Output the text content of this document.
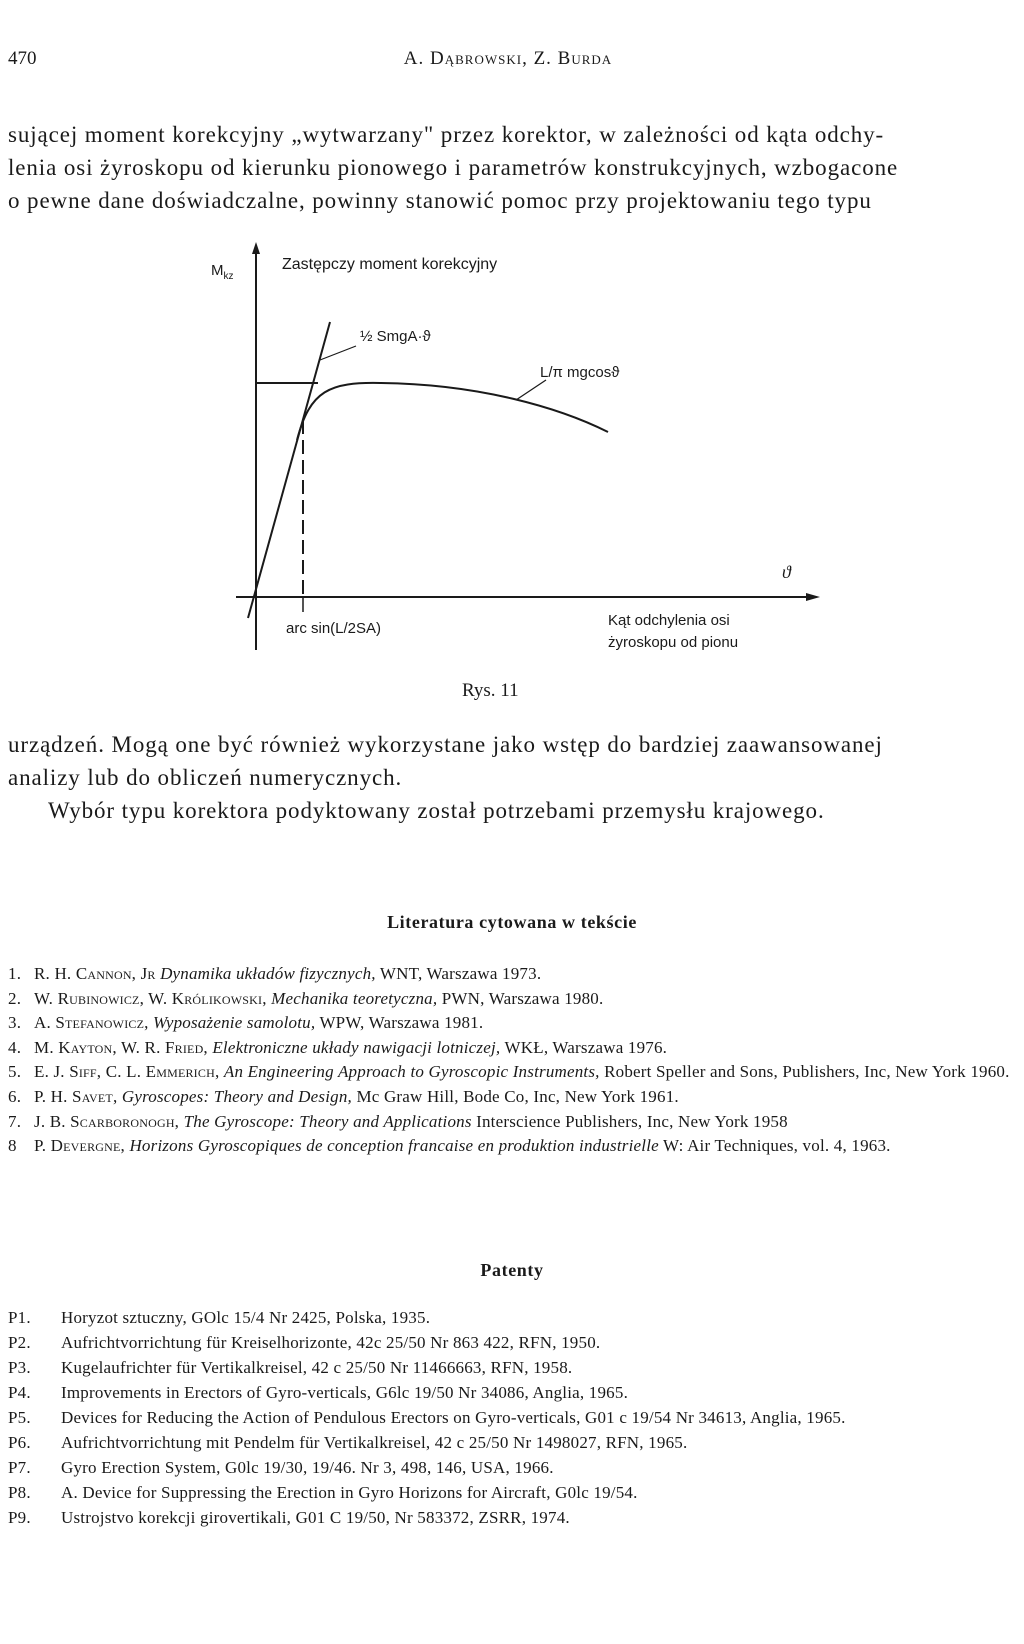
470	A. Dąbrowski, Z. Burda

sującej moment korekcyjny „wytwarzany" przez korektor, w zależności od kąta odchy-
lenia osi żyroskopu od kierunku pionowego i parametrów konstrukcyjnych, wzbogacone
o pewne dane doświadczalne, powinny stanowić pomoc przy projektowaniu tego typu

$M_{kz}$
Zastępczy moment korekcyjny
½ SmgA·ϑ
L/π mgcosϑ
ϑ
arc sin(L/2SA)	Kąt odchylenia osi
żyroskopu od pionu
Rys. 11

urządzeń. Mogą one być również wykorzystane jako wstęp do bardziej zaawansowanej
analizy lub do obliczeń numerycznych.
Wybór typu korektora podyktowany został potrzebami przemysłu krajowego.

Literatura cytowana w tekście
1. R. H. Cannon, Jr Dynamika układów fizycznych, WNT, Warszawa 1973.
2. W. Rubinowicz, W. Królikowski, Mechanika teoretyczna, PWN, Warszawa 1980.
3. A. Stefanowicz, Wyposażenie samolotu, WPW, Warszawa 1981.
4. M. Kayton, W. R. Fried, Elektroniczne układy nawigacji lotniczej, WKŁ, Warszawa 1976.
5. E. J. Siff, C. L. Emmerich, An Engineering Approach to Gyroscopic Instruments, Robert Speller and Sons, Publishers, Inc, New York 1960.
6. P. H. Savet, Gyroscopes: Theory and Design, Mc Graw Hill, Bode Co, Inc, New York 1961.
7. J. B. Scarboronogh, The Gyroscope: Theory and Applications Interscience Publishers, Inc, New York 1958
8 P. Devergne, Horizons Gyroscopiques de conception francaise en produktion industrielle W: Air Techniques, vol. 4, 1963.
Patenty
P1. Horyzot sztuczny, GOlc 15/4 Nr 2425, Polska, 1935.
P2. Aufrichtvorrichtung für Kreiselhorizonte, 42c 25/50 Nr 863 422, RFN, 1950.
P3. Kugelaufrichter für Vertikalkreisel, 42 c 25/50 Nr 11466663, RFN, 1958.
P4. Improvements in Erectors of Gyro-verticals, G6lc 19/50 Nr 34086, Anglia, 1965.
P5. Devices for Reducing the Action of Pendulous Erectors on Gyro-verticals, G01 c 19/54 Nr 34613, Anglia, 1965.
P6. Aufrichtvorrichtung mit Pendelm für Vertikalkreisel, 42 c 25/50 Nr 1498027, RFN, 1965.
P7. Gyro Erection System, G0lc 19/30, 19/46. Nr 3, 498, 146, USA, 1966.
P8. A. Device for Suppressing the Erection in Gyro Horizons for Aircraft, G0lc 19/54.
P9. Ustrojstvo korekcji girovertikali, G01 C 19/50, Nr 583372, ZSRR, 1974.
